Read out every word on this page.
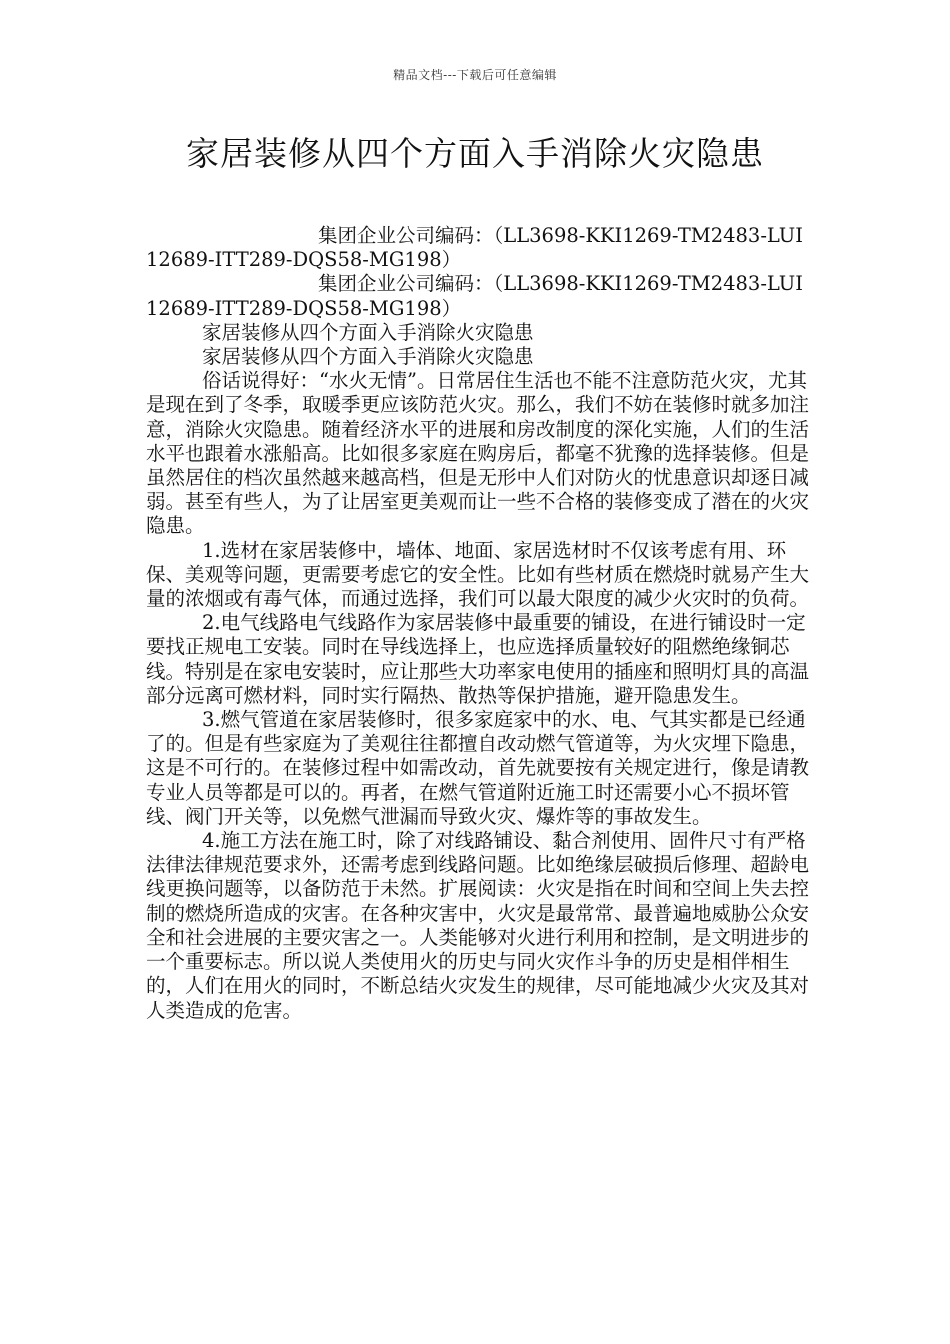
精品文档---下载后可任意编辑
家居装修从四个方面入手消除火灾隐患

集团企业公司编码：（LL3698-KKI1269-TM2483-LUI12689-ITT289-DQS58-MG198）

集团企业公司编码：（LL3698-KKI1269-TM2483-LUI12689-ITT289-DQS58-MG198）

家居装修从四个方面入手消除火灾隐患

家居装修从四个方面入手消除火灾隐患

俗话说得好：“水火无情”。日常居住生活也不能不注意防范火灾，尤其是现在到了冬季，取暖季更应该防范火灾。那么，我们不妨在装修时就多加注意，消除火灾隐患。随着经济水平的进展和房改制度的深化实施，人们的生活水平也跟着水涨船高。比如很多家庭在购房后，都毫不犹豫的选择装修。但是虽然居住的档次虽然越来越高档，但是无形中人们对防火的忧患意识却逐日减弱。甚至有些人，为了让居室更美观而让一些不合格的装修变成了潜在的火灾隐患。

1.选材在家居装修中，墙体、地面、家居选材时不仅该考虑有用、环保、美观等问题，更需要考虑它的安全性。比如有些材质在燃烧时就易产生大量的浓烟或有毒气体，而通过选择，我们可以最大限度的减少火灾时的负荷。

2.电气线路电气线路作为家居装修中最重要的铺设，在进行铺设时一定要找正规电工安装。同时在导线选择上，也应选择质量较好的阻燃绝缘铜芯线。特别是在家电安装时，应让那些大功率家电使用的插座和照明灯具的高温部分远离可燃材料，同时实行隔热、散热等保护措施，避开隐患发生。

3.燃气管道在家居装修时，很多家庭家中的水、电、气其实都是已经通了的。但是有些家庭为了美观往往都擅自改动燃气管道等，为火灾埋下隐患，这是不可行的。在装修过程中如需改动，首先就要按有关规定进行，像是请教专业人员等都是可以的。再者，在燃气管道附近施工时还需要小心不损坏管线、阀门开关等，以免燃气泄漏而导致火灾、爆炸等的事故发生。

4.施工方法在施工时，除了对线路铺设、黏合剂使用、固件尺寸有严格法律法律规范要求外，还需考虑到线路问题。比如绝缘层破损后修理、超龄电线更换问题等，以备防范于未然。扩展阅读：火灾是指在时间和空间上失去控制的燃烧所造成的灾害。在各种灾害中，火灾是最常常、最普遍地威胁公众安全和社会进展的主要灾害之一。人类能够对火进行利用和控制，是文明进步的一个重要标志。所以说人类使用火的历史与同火灾作斗争的历史是相伴相生的，人们在用火的同时，不断总结火灾发生的规律，尽可能地减少火灾及其对人类造成的危害。
